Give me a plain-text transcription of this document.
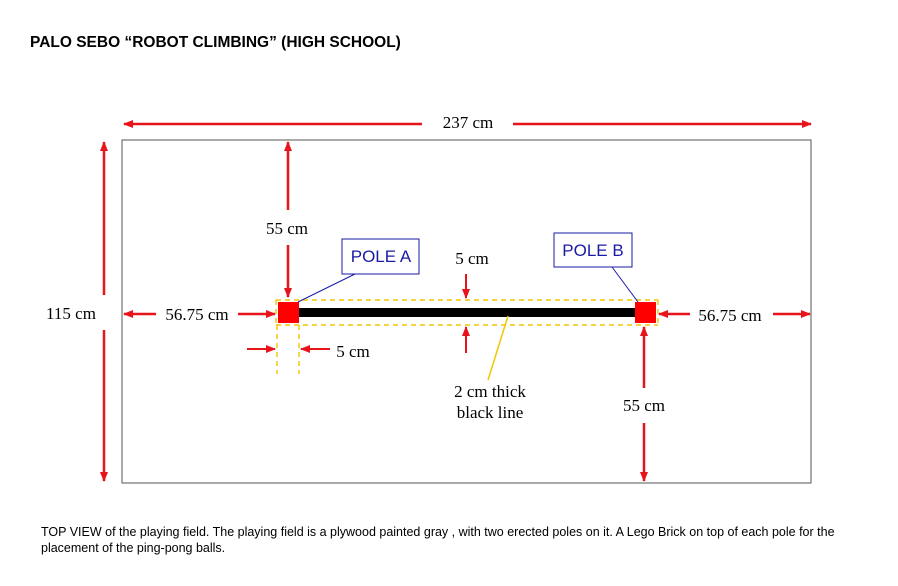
PALO SEBO “ROBOT CLIMBING” (HIGH SCHOOL)
237 cm
115 cm	56.75 cm	56.75 cm
55 cm
55 cm
5 cm
5 cm
POLE A	POLE B
2 cm thick
black line
TOP VIEW of the playing field. The playing field is a plywood painted gray , with two erected poles on it. A Lego Brick on top of each pole for the placement of the ping-pong balls.
